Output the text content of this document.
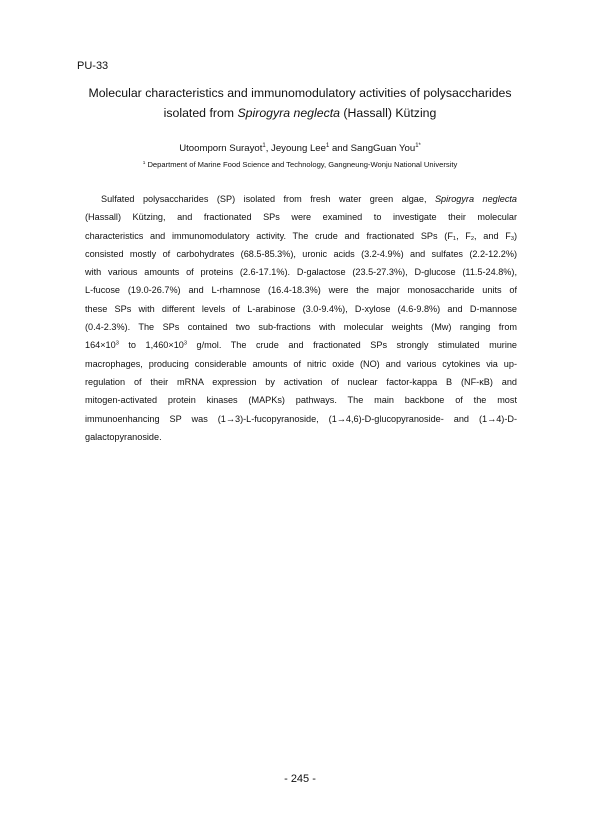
PU-33
Molecular characteristics and immunomodulatory activities of polysaccharides
isolated from Spirogyra neglecta (Hassall) Kützing
Utoomporn Surayot$^1$, Jeyoung Lee$^1$ and SangGuan You$^{1*}$
$^1$ Department of Marine Food Science and Technology, Gangneung-Wonju National University
Sulfated polysaccharides (SP) isolated from fresh water green algae, Spirogyra neglecta
(Hassall) Kützing, and fractionated SPs were examined to investigate their molecular
characteristics and immunomodulatory activity. The crude and fractionated SPs ($F_1$, $F_2$, and $F_3$)
consisted mostly of carbohydrates (68.5-85.3%), uronic acids (3.2-4.9%) and sulfates (2.2-12.2%)
with various amounts of proteins (2.6-17.1%). D-galactose (23.5-27.3%), D-glucose (11.5-24.8%),
L-fucose (19.0-26.7%) and L-rhamnose (16.4-18.3%) were the major monosaccharide units of
these SPs with different levels of L-arabinose (3.0-9.4%), D-xylose (4.6-9.8%) and D-mannose
(0.4-2.3%). The SPs contained two sub-fractions with molecular weights (Mw) ranging from
$164\times 10^3$ to $1,460\times 10^3$ g/mol. The crude and fractionated SPs strongly stimulated murine
macrophages, producing considerable amounts of nitric oxide (NO) and various cytokines via up-
regulation of their mRNA expression by activation of nuclear factor-kappa B (NF-κB) and
mitogen-activated protein kinases (MAPKs) pathways. The main backbone of the most
immunoenhancing SP was (1→3)-L-fucopyranoside, (1→4,6)-D-glucopyranoside- and (1→4)-D-
galactopyranoside.
- 245 -
